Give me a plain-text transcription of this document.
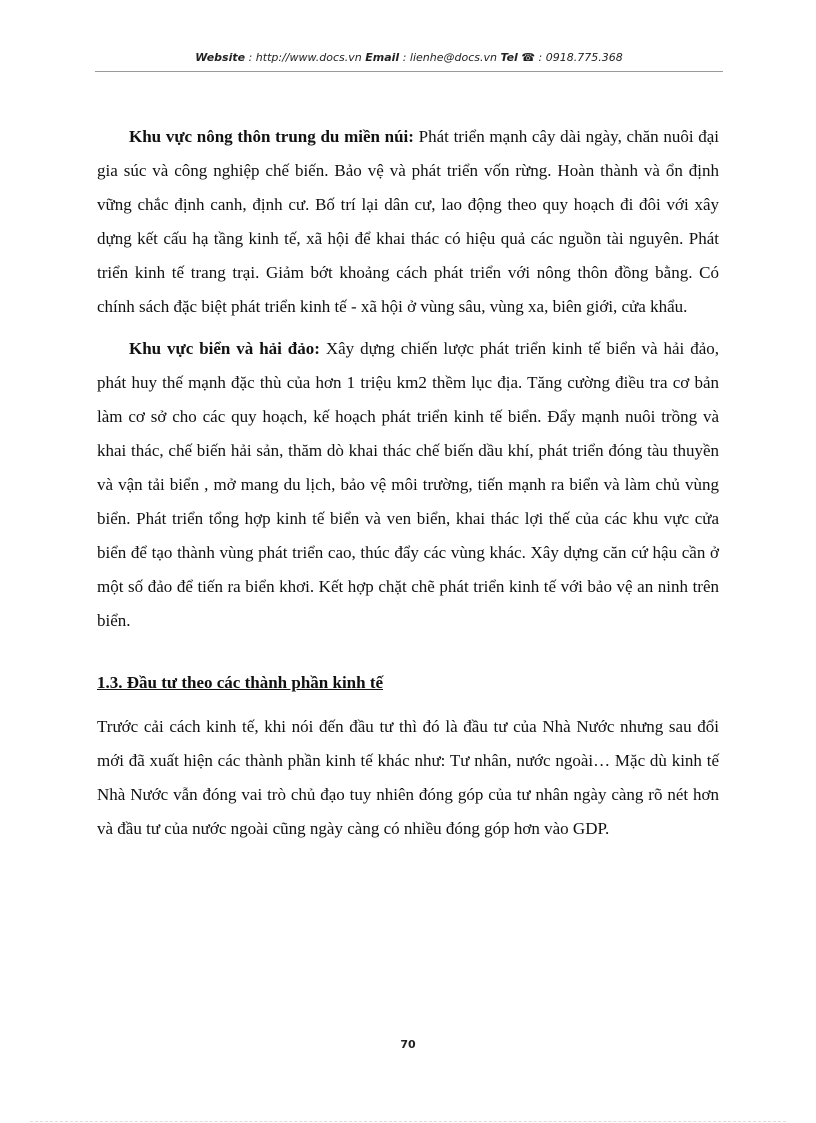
Website : http://www.docs.vn Email : lienhe@docs.vn Tel ☎ : 0918.775.368

Khu vực nông thôn trung du miền núi: Phát triển mạnh cây dài ngày, chăn nuôi đại gia súc và công nghiệp chế biến. Bảo vệ và phát triển vốn rừng. Hoàn thành và ổn định vững chắc định canh, định cư. Bố trí lại dân cư, lao động theo quy hoạch đi đôi với xây dựng kết cấu hạ tầng kinh tế, xã hội để khai thác có hiệu quả các nguồn tài nguyên. Phát triển kinh tế trang trại. Giảm bớt khoảng cách phát triển với nông thôn đồng bằng. Có chính sách đặc biệt phát triển kinh tế - xã hội ở vùng sâu, vùng xa, biên giới, cửa khẩu.

Khu vực biển và hải đảo: Xây dựng chiến lược phát triển kinh tế biển và hải đảo, phát huy thế mạnh đặc thù của hơn 1 triệu km2 thềm lục địa. Tăng cường điều tra cơ bản làm cơ sở cho các quy hoạch, kế hoạch phát triển kinh tế biển. Đẩy mạnh nuôi trồng và khai thác, chế biến hải sản, thăm dò khai thác chế biến dầu khí, phát triển đóng tàu thuyền và vận tải biển , mở mang du lịch, bảo vệ môi trường, tiến mạnh ra biển và làm chủ vùng biển. Phát triển tổng hợp kinh tế biển và ven biển, khai thác lợi thế của các khu vực cửa biển để tạo thành vùng phát triển cao, thúc đẩy các vùng khác. Xây dựng căn cứ hậu cần ở một số đảo để tiến ra biển khơi. Kết hợp chặt chẽ phát triển kinh tế với bảo vệ an ninh trên biển.

1.3. Đầu tư theo các thành phần kinh tế

Trước cải cách kinh tế, khi nói đến đầu tư thì đó là đầu tư của Nhà Nước nhưng sau đổi mới đã xuất hiện các thành phần kinh tế khác như: Tư nhân, nước ngoài… Mặc dù kinh tế Nhà Nước vẫn đóng vai trò chủ đạo tuy nhiên đóng góp của tư nhân ngày càng rõ nét hơn và đầu tư của nước ngoài cũng ngày càng có nhiều đóng góp hơn vào GDP.

70
